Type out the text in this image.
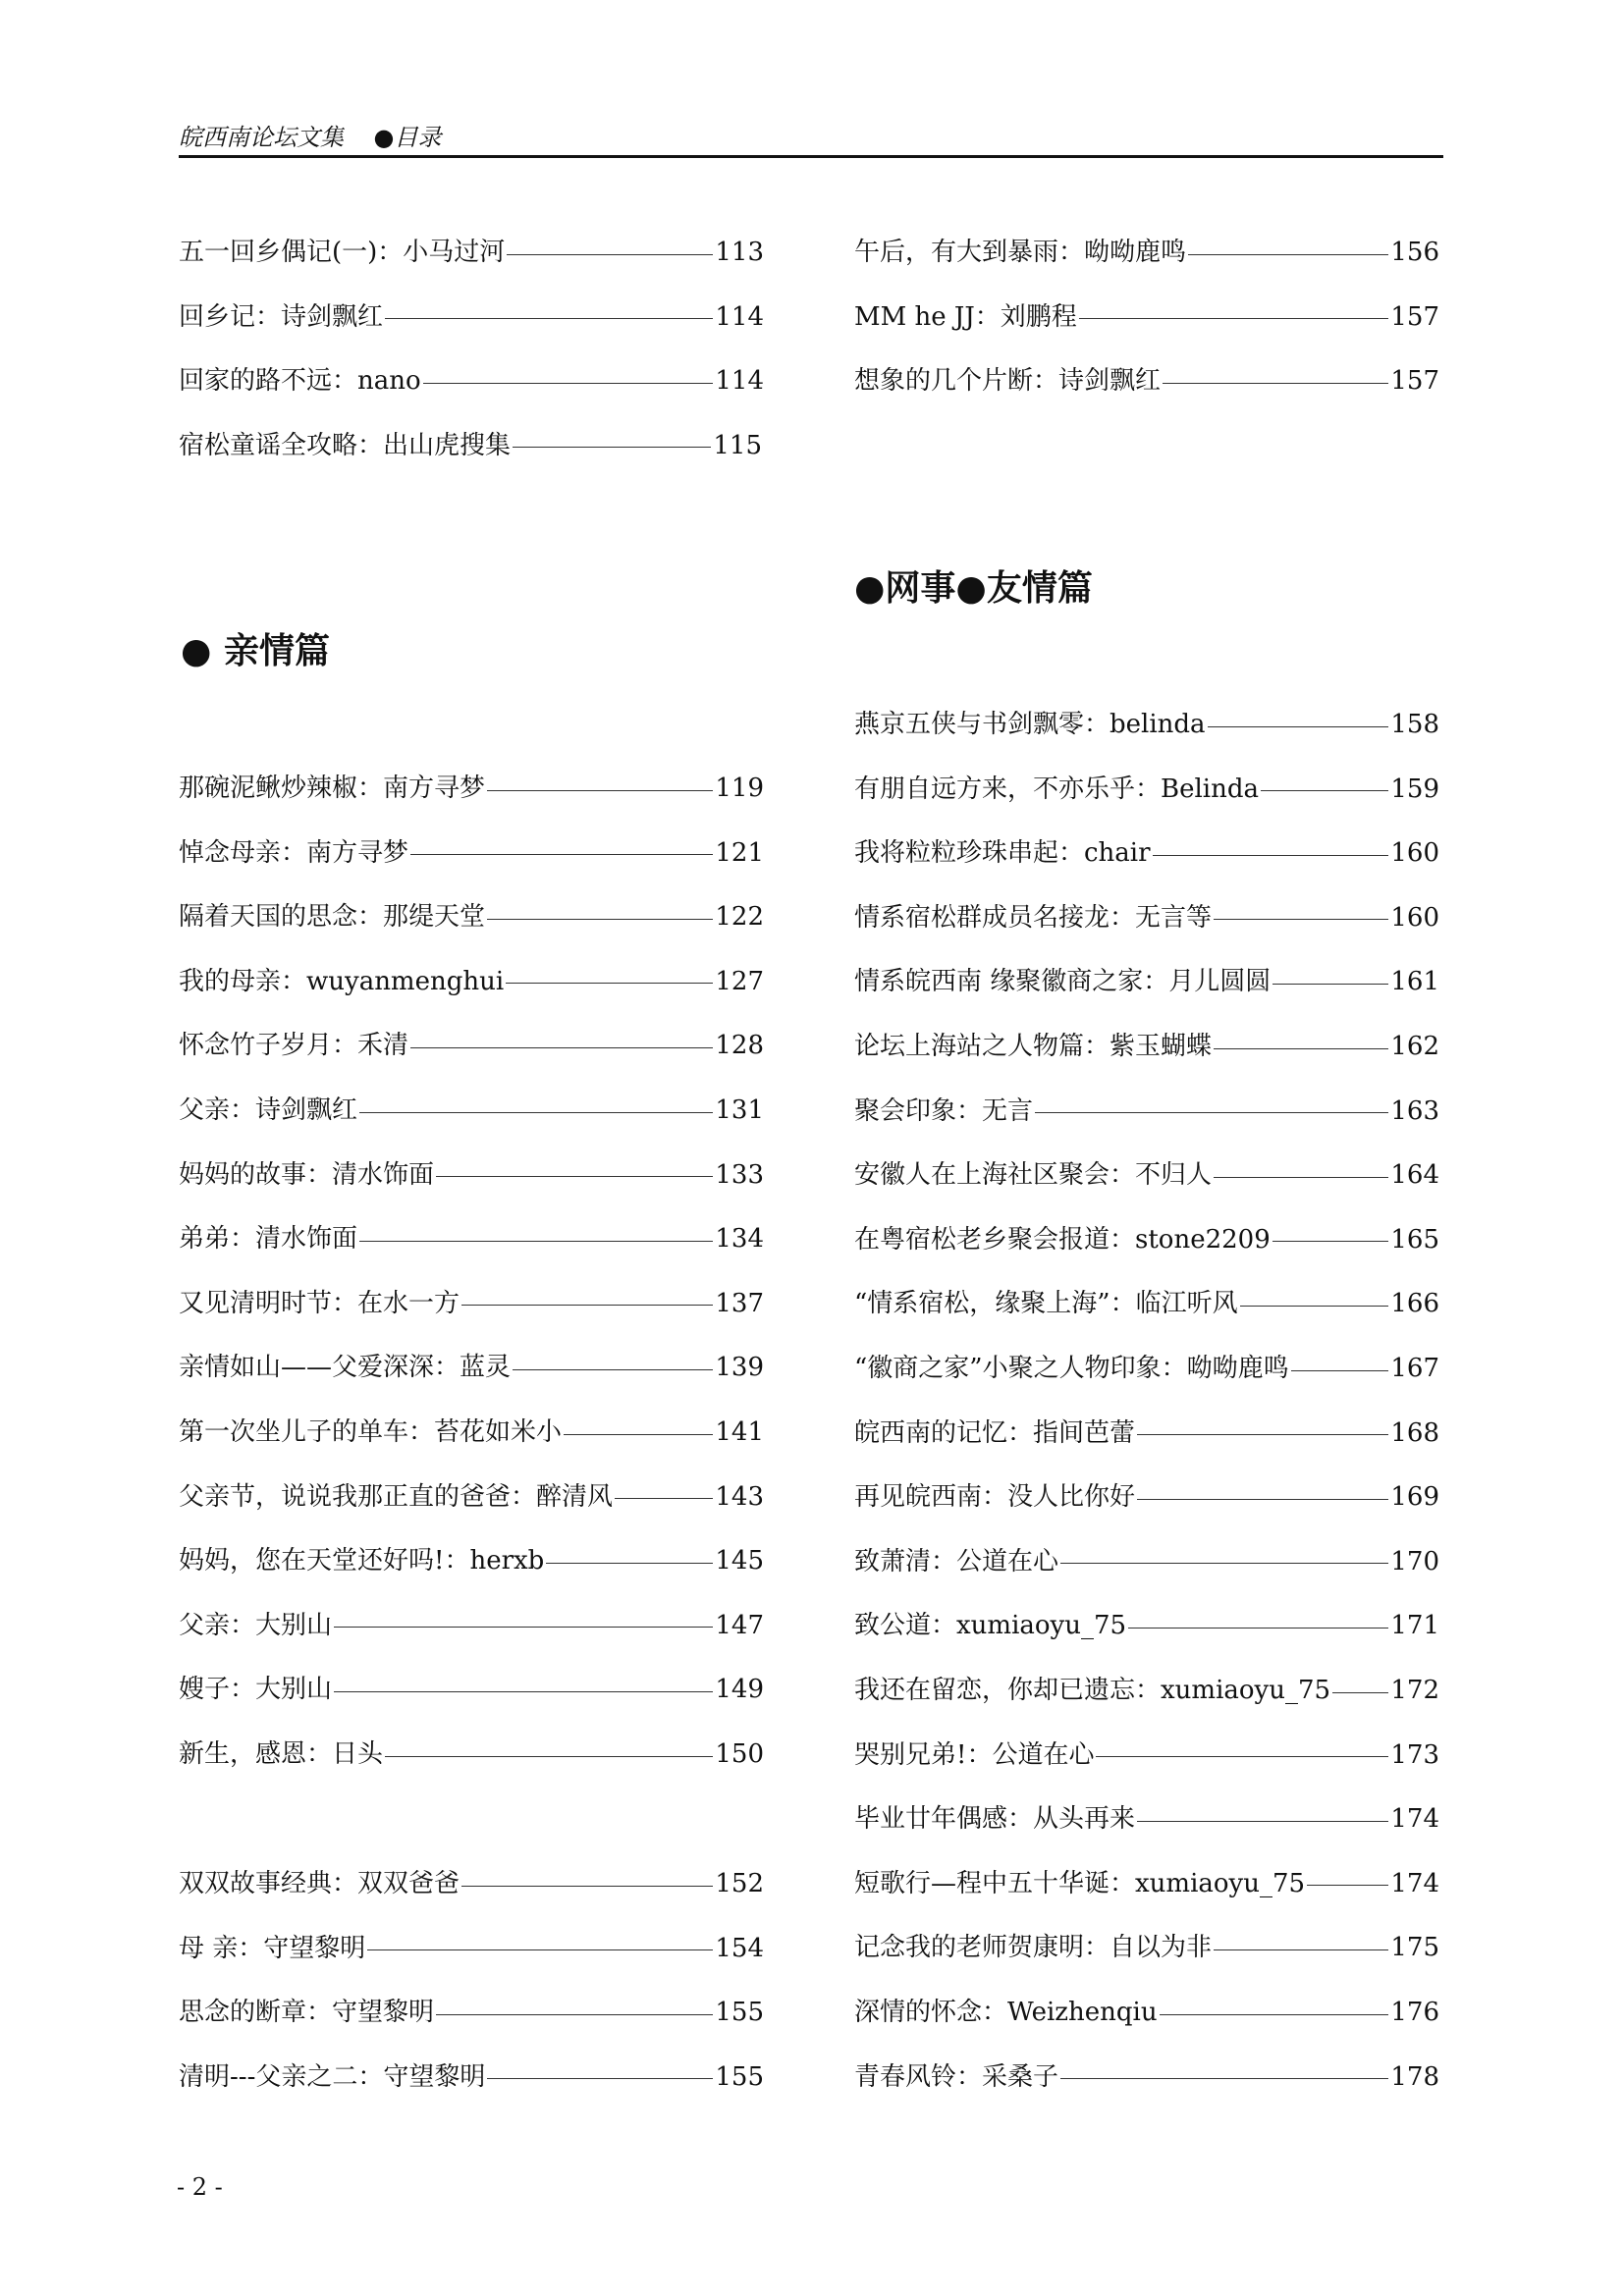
皖西南论坛文集    ●目录
五一回乡偶记(一)：小马过河	113
回乡记：诗剑飘红	114
回家的路不远：nano	114
宿松童谣全攻略：出山虎搜集	115
● 亲情篇
那碗泥鳅炒辣椒：南方寻梦	119
悼念母亲：南方寻梦	121
隔着天国的思念：那缇天堂	122
我的母亲：wuyanmenghui	127
怀念竹子岁月：禾清	128
父亲：诗剑飘红	131
妈妈的故事：清水饰面	133
弟弟：清水饰面	134
又见清明时节：在水一方	137
亲情如山——父爱深深：蓝灵	139
第一次坐儿子的单车：苔花如米小	141
父亲节，说说我那正直的爸爸：醉清风	143
妈妈，您在天堂还好吗!：herxb	145
父亲：大别山	147
嫂子：大别山	149
新生，感恩：日头	150
双双故事经典：双双爸爸	152
母 亲：守望黎明	154
思念的断章：守望黎明	155
清明---父亲之二：守望黎明	155
午后，有大到暴雨：呦呦鹿鸣	156
MM he JJ：刘鹏程	157
想象的几个片断：诗剑飘红	157
●网事●友情篇
燕京五侠与书剑飘零：belinda	158
有朋自远方来，不亦乐乎：Belinda	159
我将粒粒珍珠串起：chair	160
情系宿松群成员名接龙：无言等	160
情系皖西南 缘聚徽商之家：月儿圆圆	161
论坛上海站之人物篇：紫玉蝴蝶	162
聚会印象：无言	163
安徽人在上海社区聚会：不归人	164
在粤宿松老乡聚会报道：stone2209	165
“情系宿松，缘聚上海”：临江听风	166
“徽商之家”小聚之人物印象：呦呦鹿鸣	167
皖西南的记忆：指间芭蕾	168
再见皖西南：没人比你好	169
致萧清：公道在心	170
致公道：xumiaoyu_75	171
我还在留恋，你却已遗忘：xumiaoyu_75 172
哭别兄弟!：公道在心	173
毕业廿年偶感：从头再来	174
短歌行—程中五十华诞：xumiaoyu_75	174
记念我的老师贺康明：自以为非	175
深情的怀念：Weizhenqiu	176
青春风铃：采桑子	178
- 2 -
